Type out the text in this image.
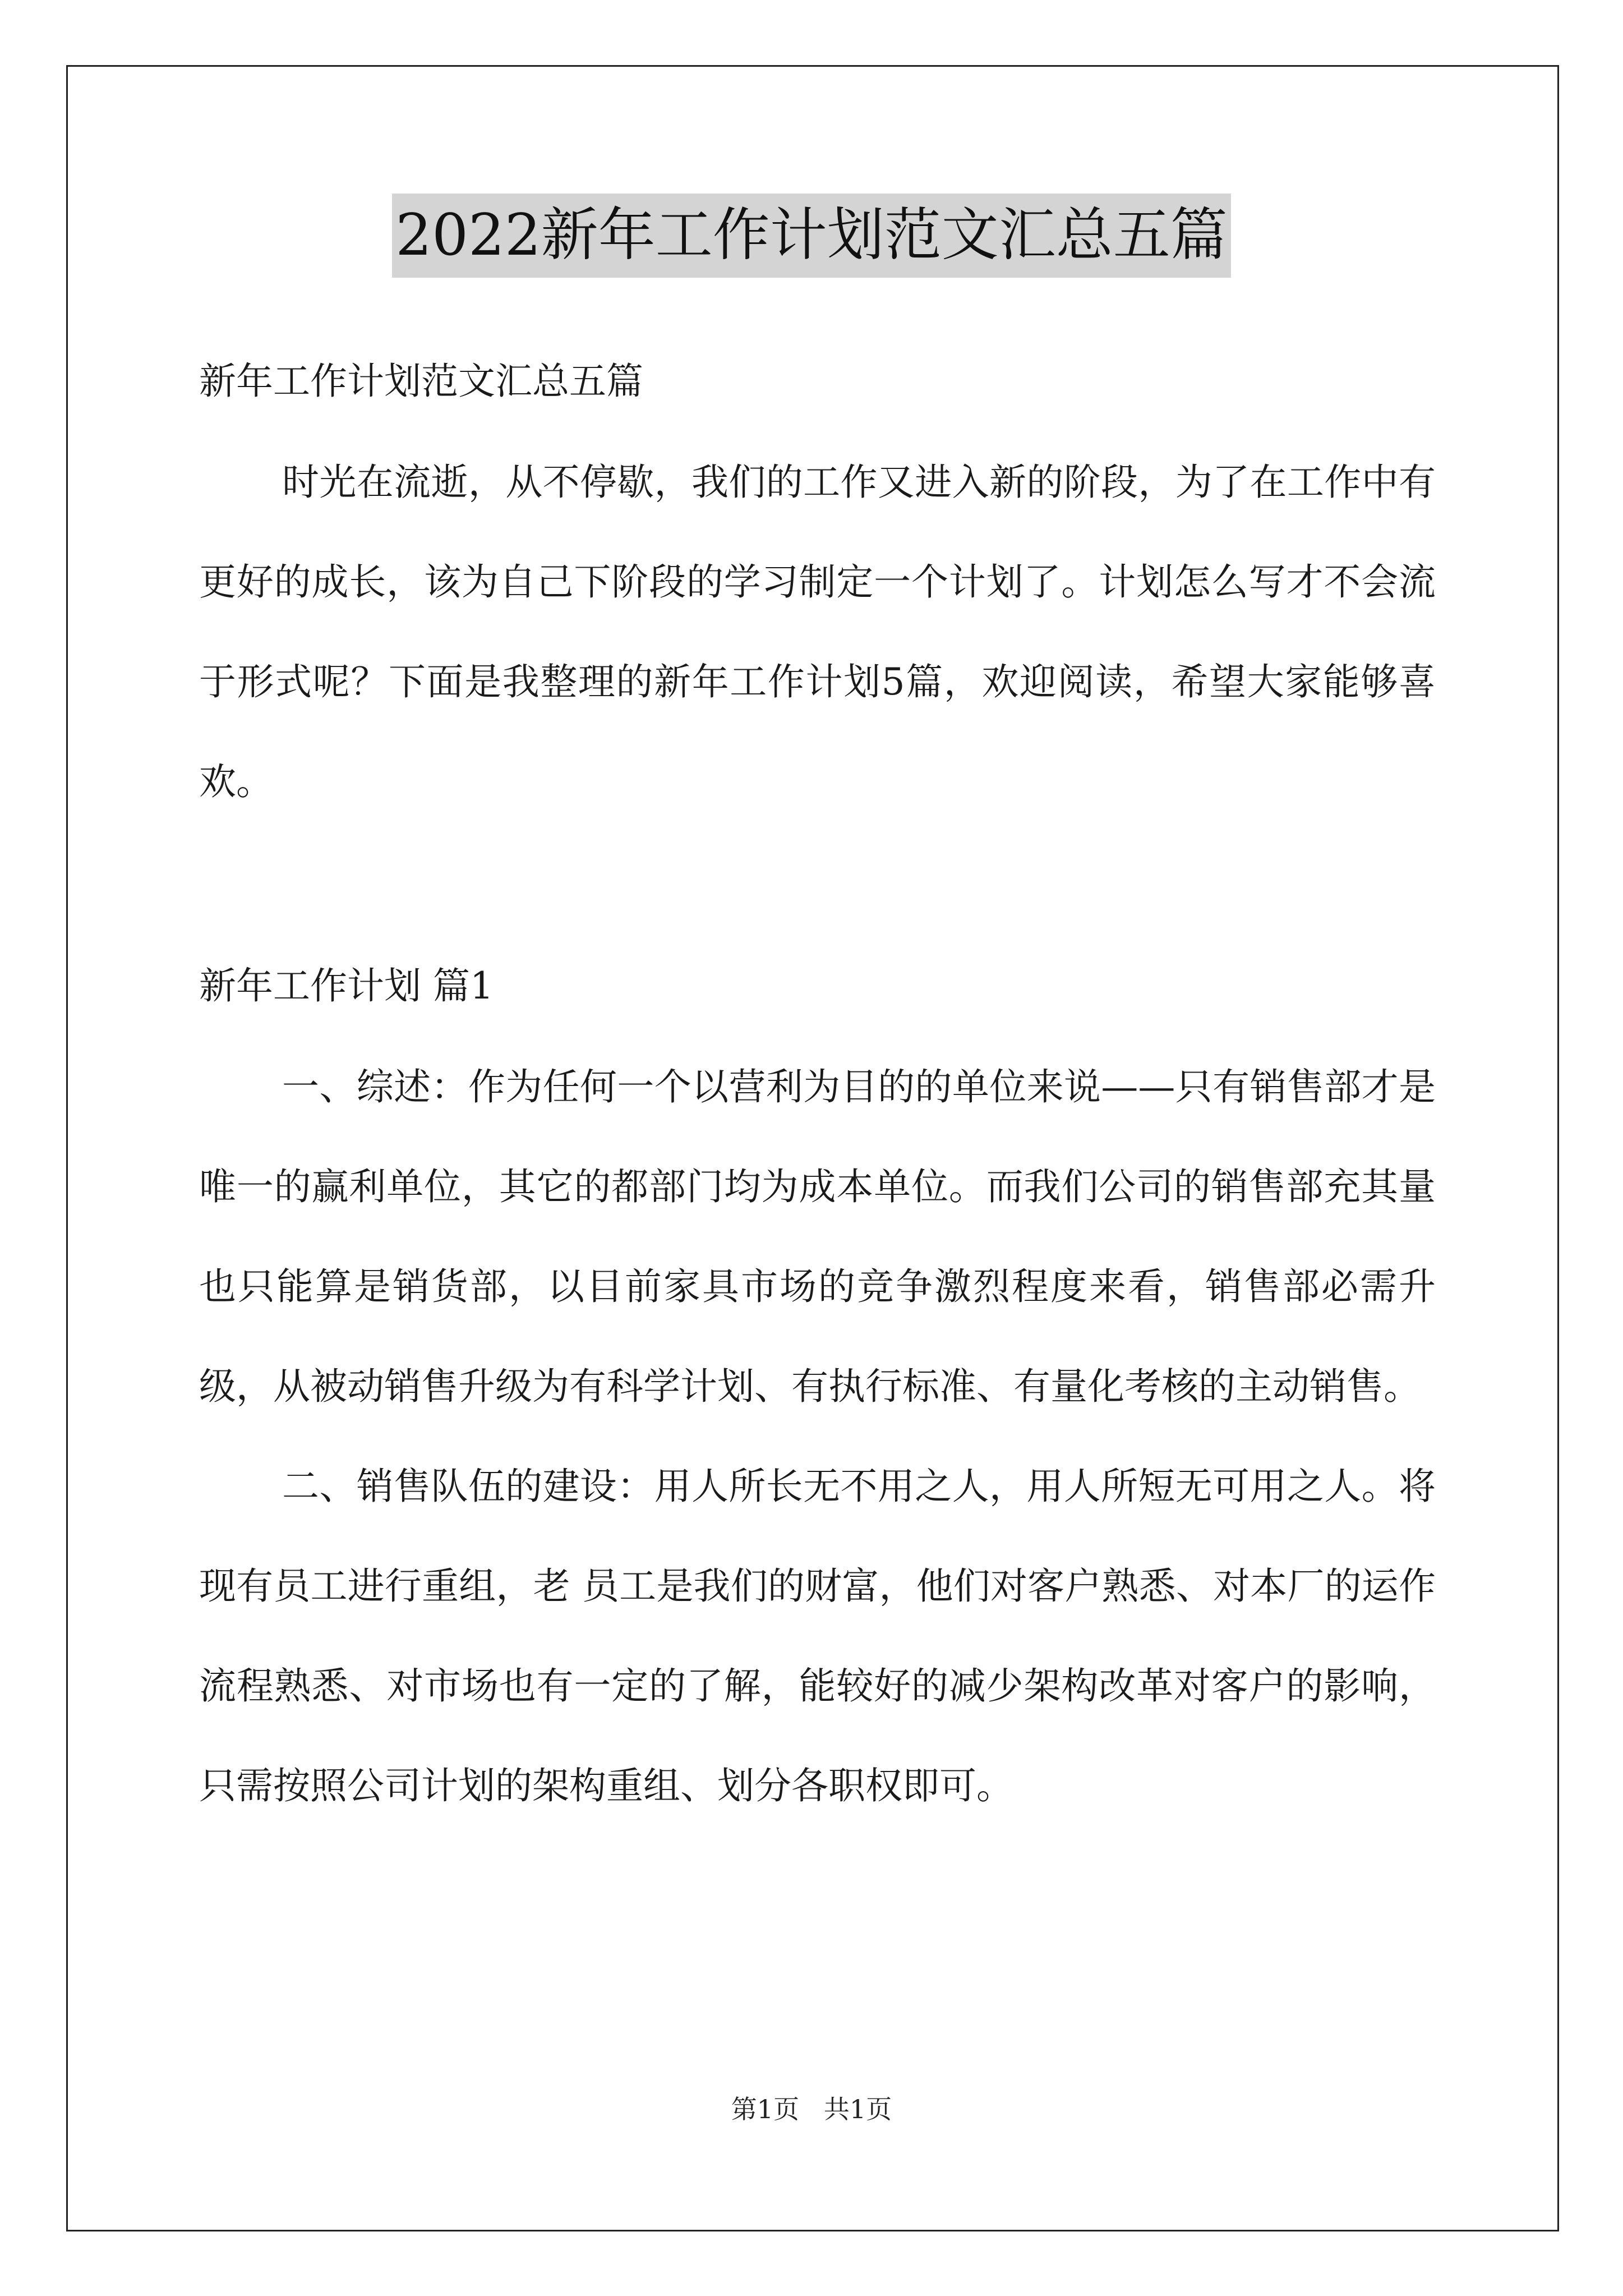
2022新年工作计划范文汇总五篇

新年工作计划范文汇总五篇

时光在流逝，从不停歇，我们的工作又进入新的阶段，为了在工作中有更好的成长，该为自己下阶段的学习制定一个计划了。计划怎么写才不会流于形式呢？下面是我整理的新年工作计划5篇，欢迎阅读，希望大家能够喜欢。

新年工作计划 篇1

一、综述：作为任何一个以营利为目的的单位来说——只有销售部才是唯一的赢利单位，其它的都部门均为成本单位。而我们公司的销售部充其量也只能算是销货部，以目前家具市场的竞争激烈程度来看，销售部必需升级，从被动销售升级为有科学计划、有执行标准、有量化考核的主动销售。

二、销售队伍的建设：用人所长无不用之人，用人所短无可用之人。将现有员工进行重组，老 员工是我们的财富，他们对客户熟悉、对本厂的运作流程熟悉、对市场也有一定的了解，能较好的减少架构改革对客户的影响，只需按照公司计划的架构重组、划分各职权即可。

第1页   共1页
